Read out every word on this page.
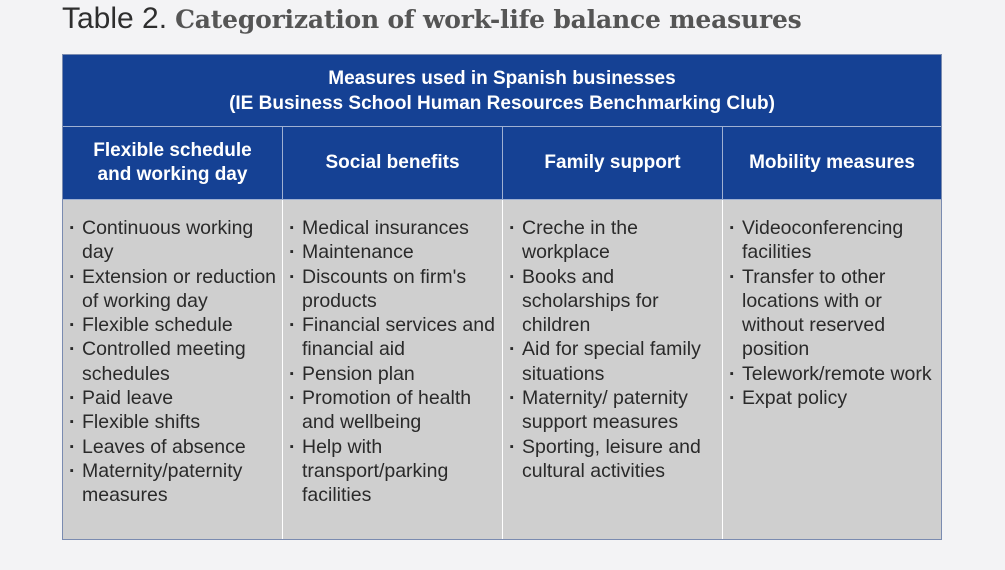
Table 2. Categorization of work-life balance measures
Measures used in Spanish businesses
(IE Business School Human Resources Benchmarking Club)
Flexible schedule
and working day
Social benefits	Family support	Mobility measures
· Continuous working day
· Extension or reduction of working day
· Flexible schedule
· Controlled meeting schedules
· Paid leave
· Flexible shifts
· Leaves of absence
· Maternity/paternity measures
· Medical insurances
· Maintenance
· Discounts on firm's products
· Financial services and financial aid
· Pension plan
· Promotion of health and wellbeing
· Help with transport/parking facilities
· Creche in the workplace
· Books and scholarships for children
· Aid for special family situations
· Maternity/ paternity support measures
· Sporting, leisure and cultural activities
· Videoconferencing facilities
· Transfer to other locations with or without reserved position
· Telework/remote work
· Expat policy
